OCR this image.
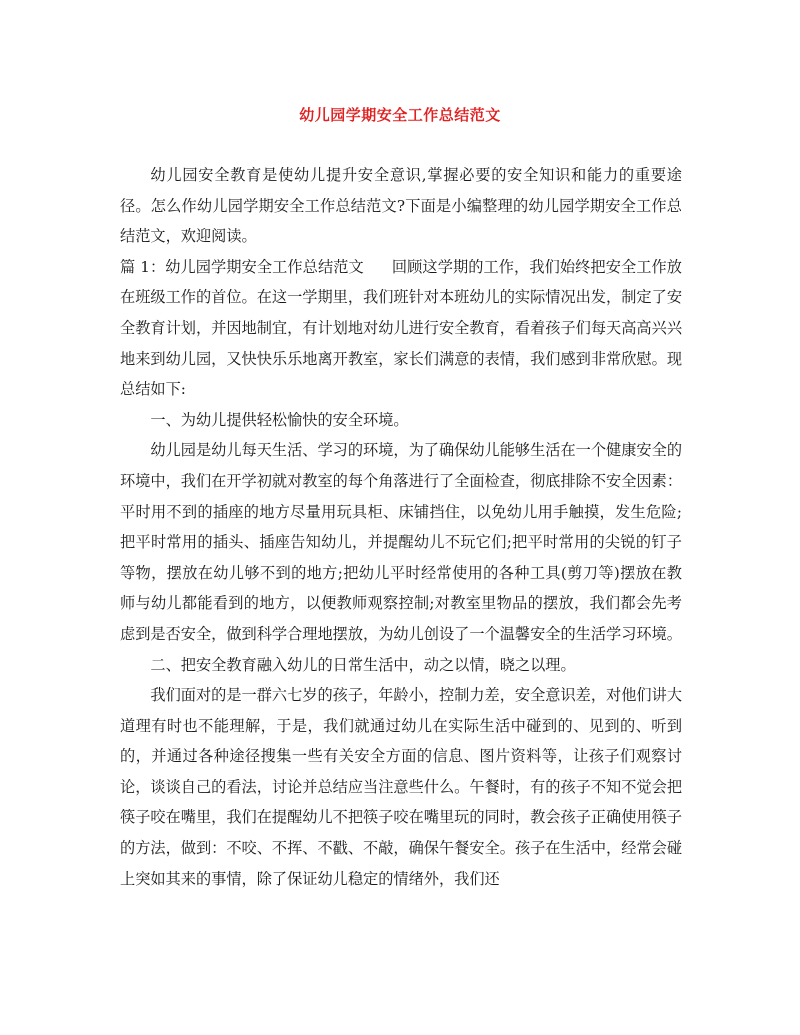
幼儿园学期安全工作总结范文

幼儿园安全教育是使幼儿提升安全意识,掌握必要的安全知识和能力的重要途径。怎么作幼儿园学期安全工作总结范文?下面是小编整理的幼儿园学期安全工作总结范文，欢迎阅读。

篇 1：幼儿园学期安全工作总结范文 回顾这学期的工作，我们始终把安全工作放在班级工作的首位。在这一学期里，我们班针对本班幼儿的实际情况出发，制定了安全教育计划，并因地制宜，有计划地对幼儿进行安全教育，看着孩子们每天高高兴兴地来到幼儿园，又快快乐乐地离开教室，家长们满意的表情，我们感到非常欣慰。现总结如下:

一、为幼儿提供轻松愉快的安全环境。

幼儿园是幼儿每天生活、学习的环境，为了确保幼儿能够生活在一个健康安全的环境中，我们在开学初就对教室的每个角落进行了全面检查，彻底排除不安全因素：平时用不到的插座的地方尽量用玩具柜、床铺挡住，以免幼儿用手触摸，发生危险;把平时常用的插头、插座告知幼儿，并提醒幼儿不玩它们;把平时常用的尖锐的钉子等物，摆放在幼儿够不到的地方;把幼儿平时经常使用的各种工具(剪刀等)摆放在教师与幼儿都能看到的地方，以便教师观察控制;对教室里物品的摆放，我们都会先考虑到是否安全，做到科学合理地摆放，为幼儿创设了一个温馨安全的生活学习环境。

二、把安全教育融入幼儿的日常生活中，动之以情，晓之以理。

我们面对的是一群六七岁的孩子，年龄小，控制力差，安全意识差，对他们讲大道理有时也不能理解，于是，我们就通过幼儿在实际生活中碰到的、见到的、听到的，并通过各种途径搜集一些有关安全方面的信息、图片资料等，让孩子们观察讨论，谈谈自己的看法，讨论并总结应当注意些什么。午餐时，有的孩子不知不觉会把筷子咬在嘴里，我们在提醒幼儿不把筷子咬在嘴里玩的同时，教会孩子正确使用筷子的方法，做到：不咬、不挥、不戳、不敲，确保午餐安全。孩子在生活中，经常会碰上突如其来的事情，除了保证幼儿稳定的情绪外，我们还
